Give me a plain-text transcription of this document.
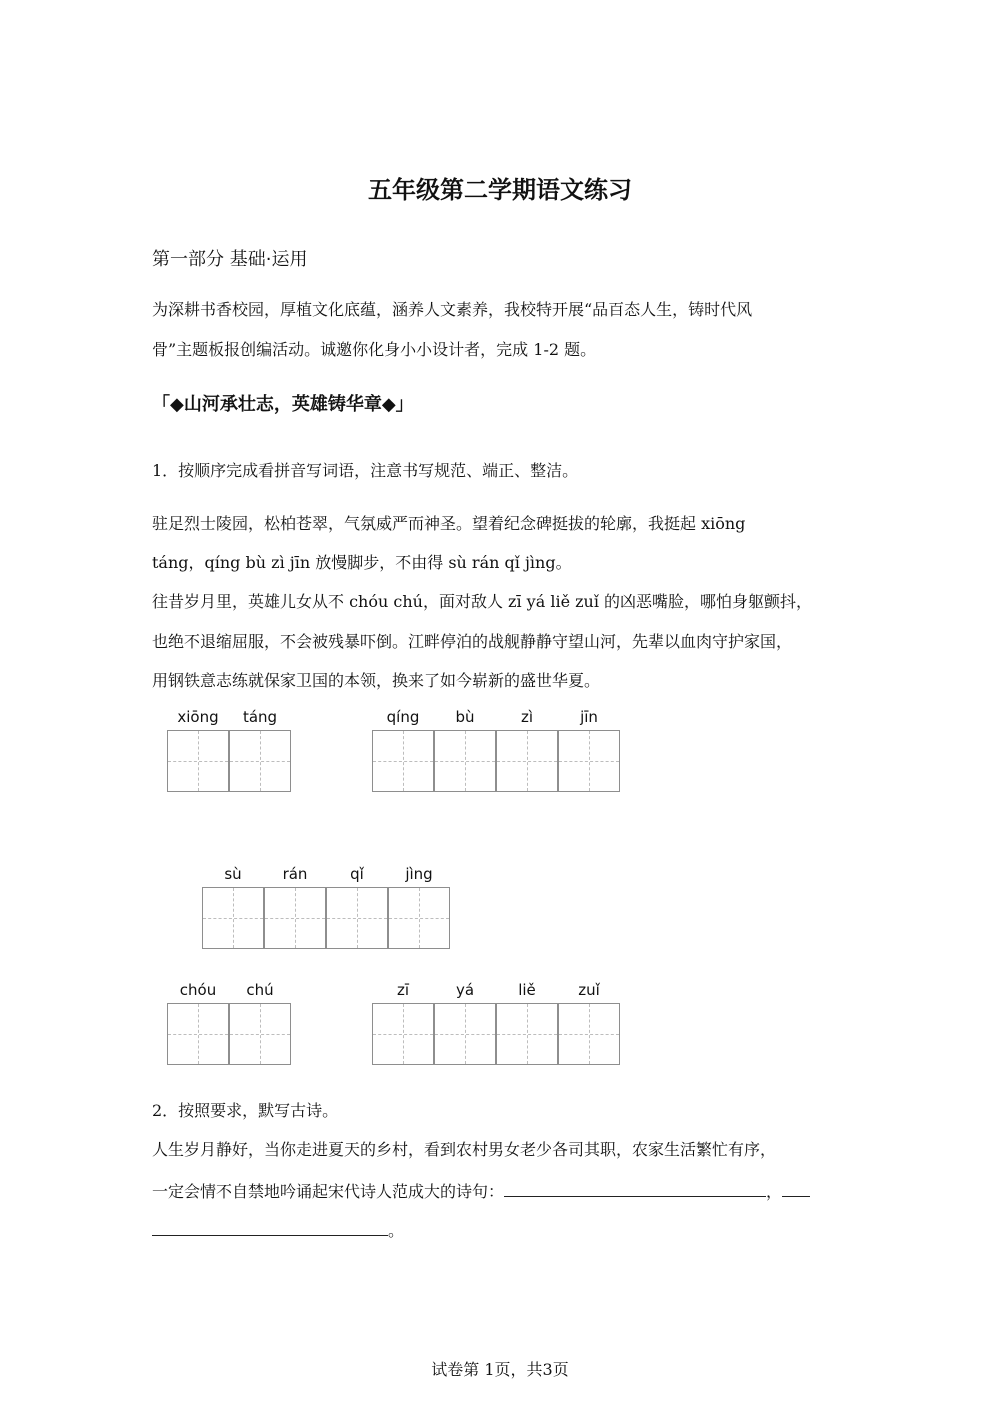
五年级第二学期语文练习
第一部分 基础·运用
为深耕书香校园，厚植文化底蕴，涵养人文素养，我校特开展“品百态人生，铸时代风
骨”主题板报创编活动。诚邀你化身小小设计者，完成 1-2 题。
「◆山河承壮志，英雄铸华章◆」
1．按顺序完成看拼音写词语，注意书写规范、端正、整洁。
驻足烈士陵园，松柏苍翠，气氛威严而神圣。望着纪念碑挺拔的轮廓，我挺起 xiōng
táng，qíng bù zì jīn 放慢脚步，不由得 sù rán qǐ jìng。
往昔岁月里，英雄儿女从不 chóu chú，面对敌人 zī yá liě zuǐ 的凶恶嘴脸，哪怕身躯颤抖，
也绝不退缩屈服，不会被残暴吓倒。江畔停泊的战舰静静守望山河，先辈以血肉守护家国，
用钢铁意志练就保家卫国的本领，换来了如今崭新的盛世华夏。
xiōng	táng	qíng	bù	zì	jīn
sù	rán	qǐ	jìng
chóu	chú	zī	yá	liě	zuǐ
2．按照要求，默写古诗。
人生岁月静好，当你走进夏天的乡村，看到农村男女老少各司其职，农家生活繁忙有序，
一定会情不自禁地吟诵起宋代诗人范成大的诗句：	，
。
试卷第 1页，共3页
